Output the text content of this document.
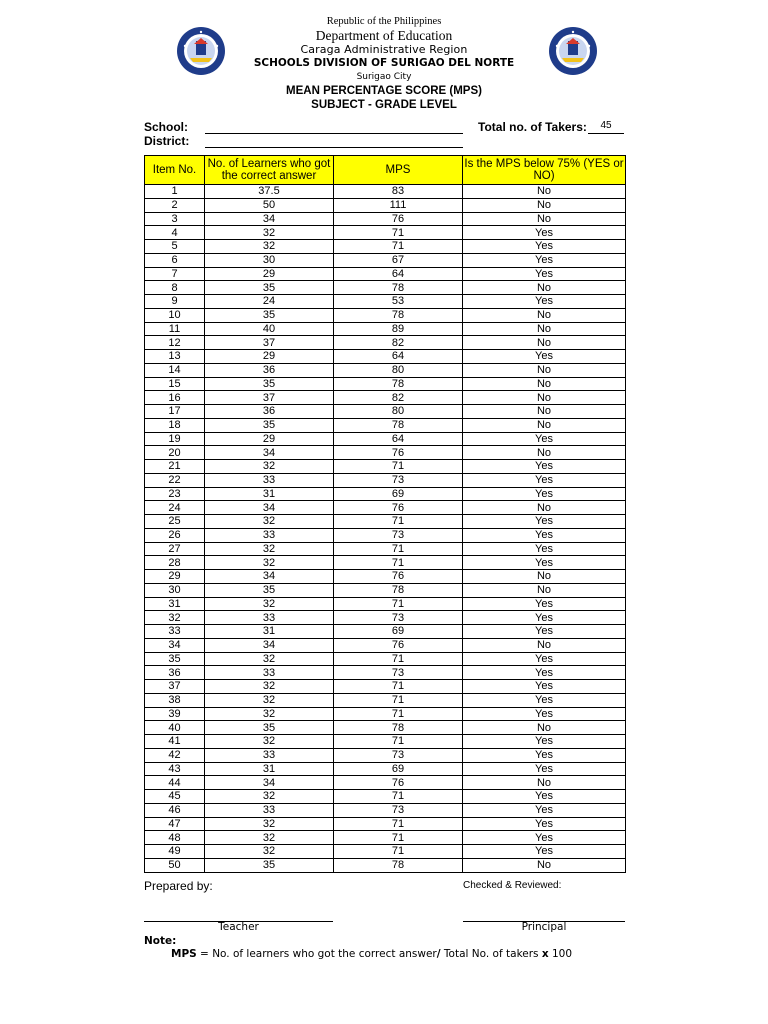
Republic of the Philippines
Department of Education
Caraga Administrative Region
SCHOOLS DIVISION OF SURIGAO DEL NORTE
Surigao City
MEAN PERCENTAGE SCORE (MPS)
SUBJECT - GRADE LEVEL
School:
District:
Total no. of Takers:	45
Item No.	No. of Learners who got the correct answer	MPS	Is the MPS below 75% (YES or NO)
1	37.5	83	No
2	50	111	No
3	34	76	No
4	32	71	Yes
5	32	71	Yes
6	30	67	Yes
7	29	64	Yes
8	35	78	No
9	24	53	Yes
10	35	78	No
11	40	89	No
12	37	82	No
13	29	64	Yes
14	36	80	No
15	35	78	No
16	37	82	No
17	36	80	No
18	35	78	No
19	29	64	Yes
20	34	76	No
21	32	71	Yes
22	33	73	Yes
23	31	69	Yes
24	34	76	No
25	32	71	Yes
26	33	73	Yes
27	32	71	Yes
28	32	71	Yes
29	34	76	No
30	35	78	No
31	32	71	Yes
32	33	73	Yes
33	31	69	Yes
34	34	76	No
35	32	71	Yes
36	33	73	Yes
37	32	71	Yes
38	32	71	Yes
39	32	71	Yes
40	35	78	No
41	32	71	Yes
42	33	73	Yes
43	31	69	Yes
44	34	76	No
45	32	71	Yes
46	33	73	Yes
47	32	71	Yes
48	32	71	Yes
49	32	71	Yes
50	35	78	No
Prepared by:	Checked & Reviewed:
Teacher	Principal
Note:
MPS = No. of learners who got the correct answer/ Total No. of takers x 100
